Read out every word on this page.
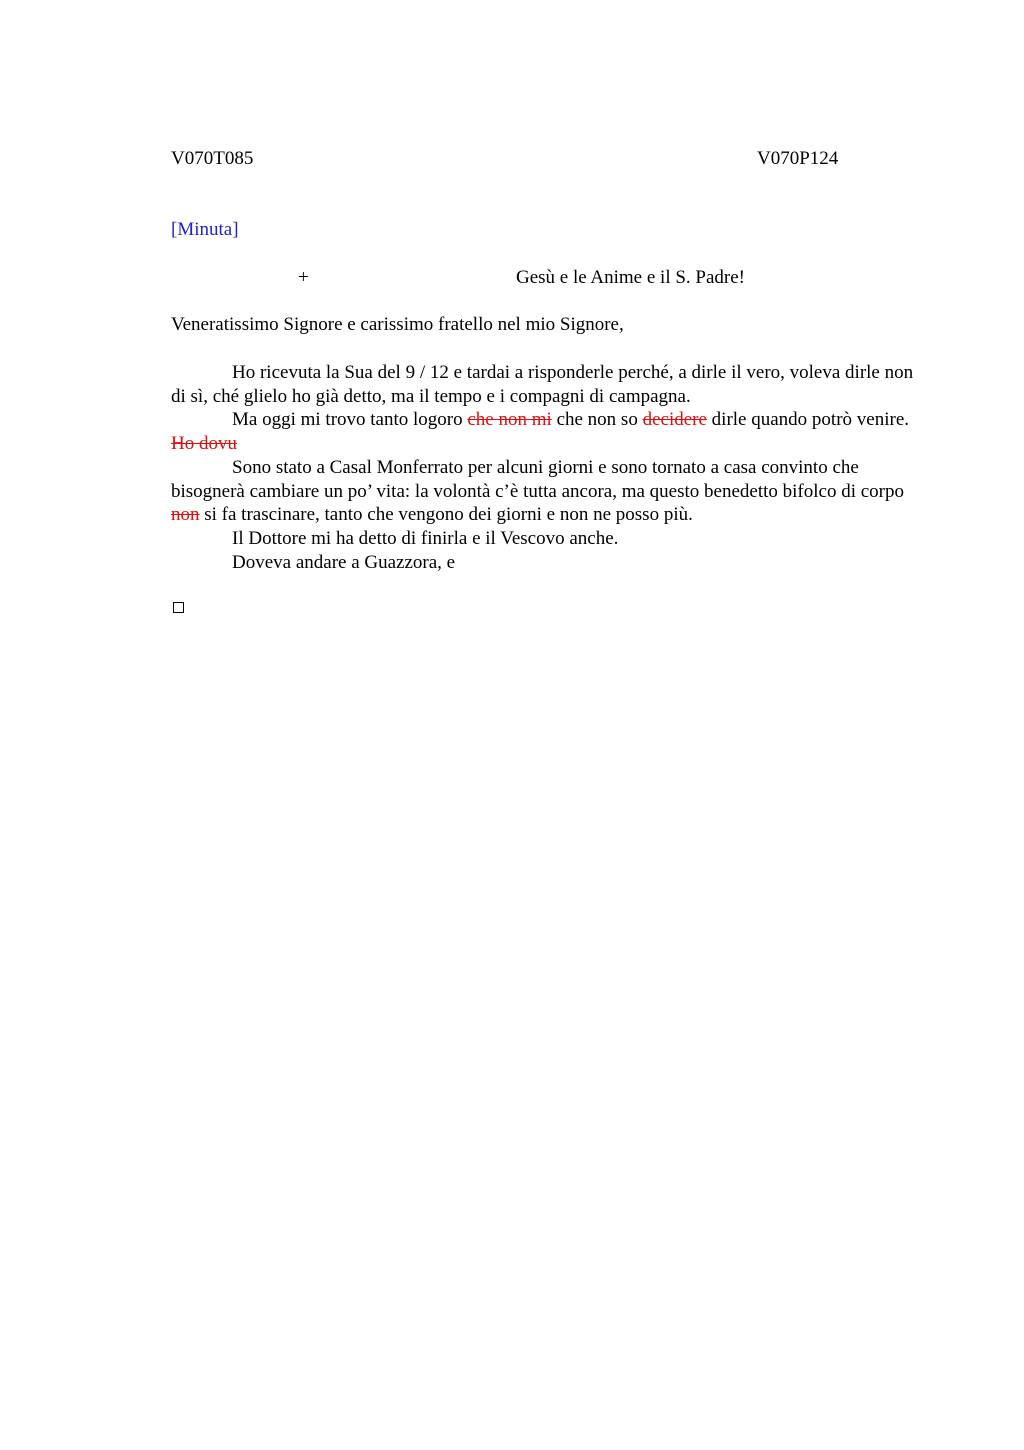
V070T085	V070P124
[Minuta]
+	Gesù e le Anime e il S. Padre!
Veneratissimo Signore e carissimo fratello nel mio Signore,

Ho ricevuta la Sua del 9 / 12 e tardai a risponderle perché, a dirle il vero, voleva dirle non di sì, ché glielo ho già detto, ma il tempo e i compagni di campagna.

Ma oggi mi trovo tanto logoro che non mi che non so decidere dirle quando potrò venire. Ho dovu

Sono stato a Casal Monferrato per alcuni giorni e sono tornato a casa convinto che bisognerà cambiare un po’ vita: la volontà c’è tutta ancora, ma questo benedetto bifolco di corpo non si fa trascinare, tanto che vengono dei giorni e non ne posso più.

Il Dottore mi ha detto di finirla e il Vescovo anche.

Doveva andare a Guazzora, e
